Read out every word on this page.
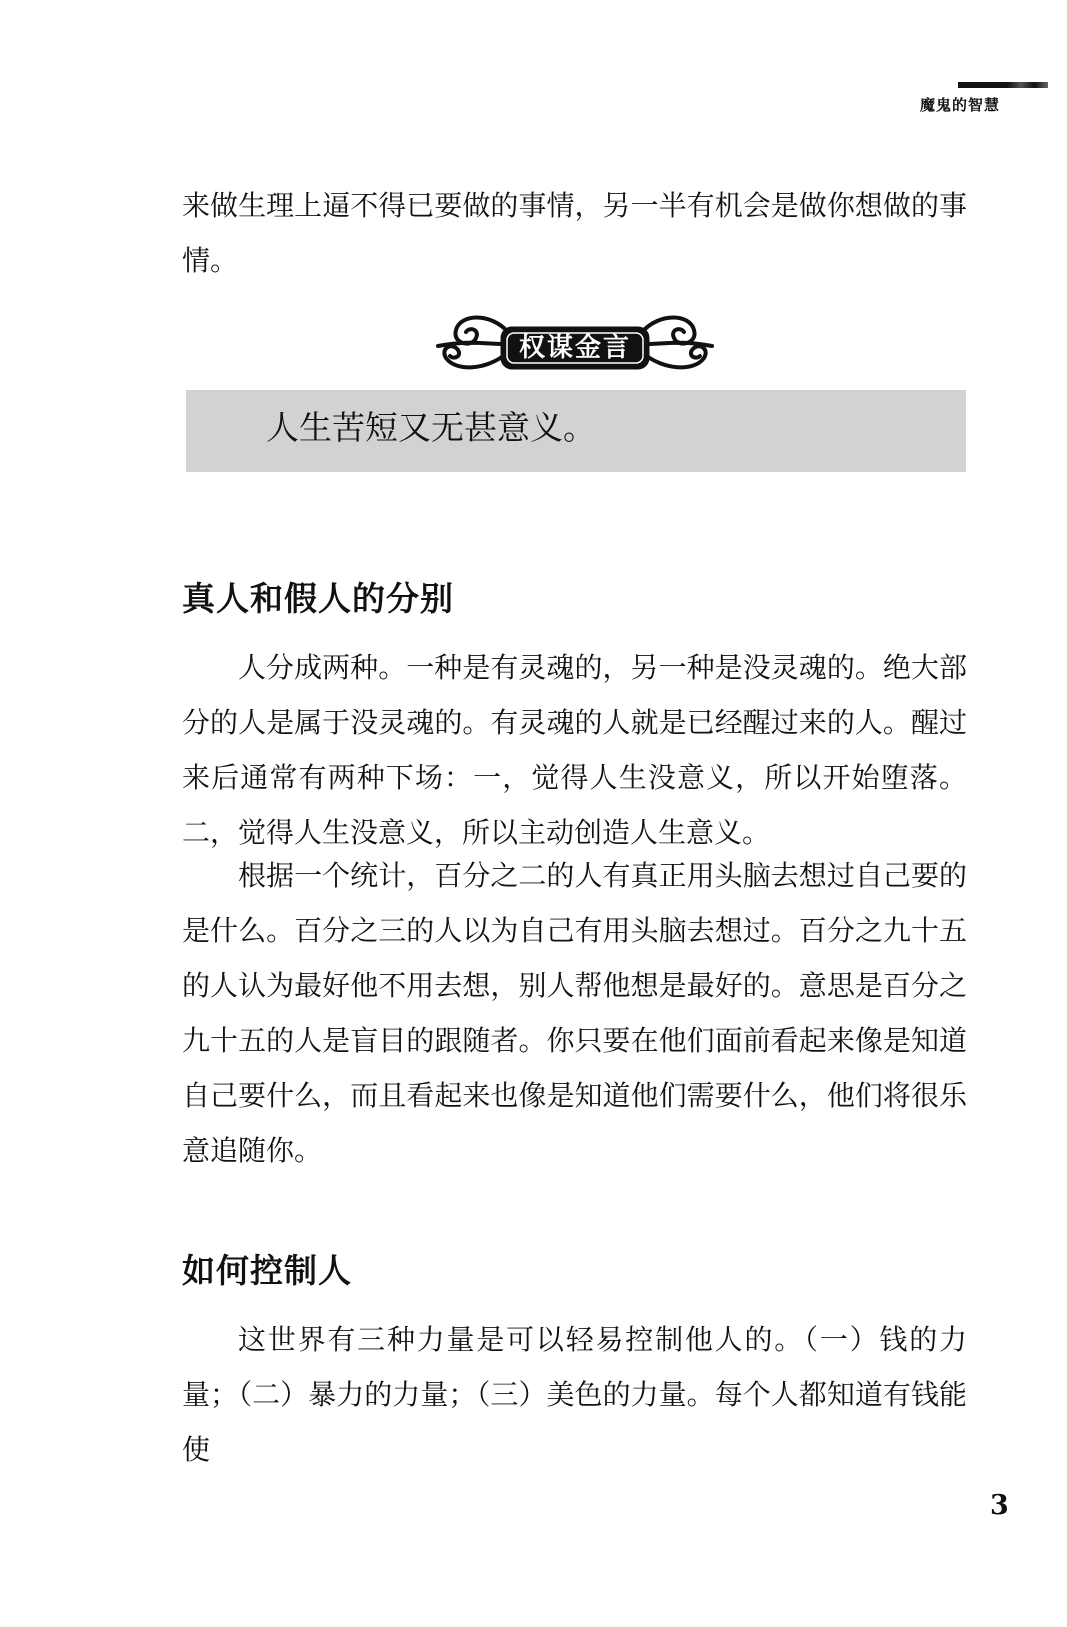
魔鬼的智慧

来做生理上逼不得已要做的事情，另一半有机会是做你想做的事情。

权谋金言
人生苦短又无甚意义。
真人和假人的分别

人分成两种。一种是有灵魂的，另一种是没灵魂的。绝大部分的人是属于没灵魂的。有灵魂的人就是已经醒过来的人。醒过来后通常有两种下场：一，觉得人生没意义，所以开始堕落。二，觉得人生没意义，所以主动创造人生意义。

根据一个统计，百分之二的人有真正用头脑去想过自己要的是什么。百分之三的人以为自己有用头脑去想过。百分之九十五的人认为最好他不用去想，别人帮他想是最好的。意思是百分之九十五的人是盲目的跟随者。你只要在他们面前看起来像是知道自己要什么，而且看起来也像是知道他们需要什么，他们将很乐意追随你。

如何控制人

这世界有三种力量是可以轻易控制他人的。（一）钱的力量；（二）暴力的力量；（三）美色的力量。每个人都知道有钱能使

3
